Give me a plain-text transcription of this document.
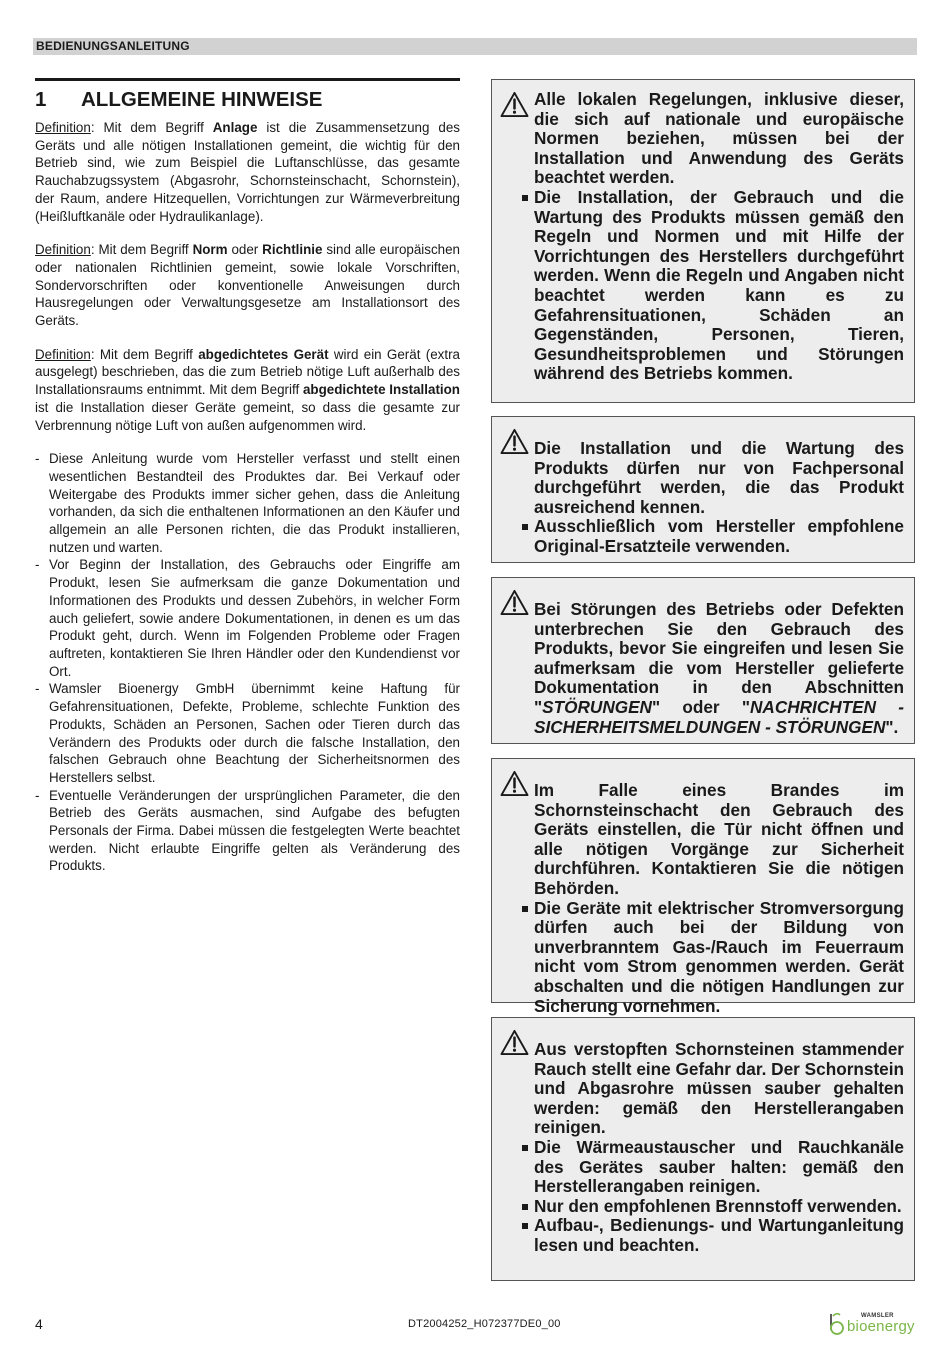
BEDIENUNGSANLEITUNG
1	ALLGEMEINE HINWEISE

Definition: Mit dem Begriff Anlage ist die Zusammensetzung des Geräts und alle nötigen Installationen gemeint, die wichtig für den Betrieb sind, wie zum Beispiel die Luftanschlüsse, das gesamte Rauchabzugssystem (Abgasrohr, Schornsteinschacht, Schornstein), der Raum, andere Hitzequellen, Vorrichtungen zur Wärmeverbreitung (Heißluftkanäle oder Hydraulikanlage).

Definition: Mit dem Begriff Norm oder Richtlinie sind alle europäischen oder nationalen Richtlinien gemeint, sowie lokale Vorschriften, Sondervorschriften oder konventionelle Anweisungen durch Hausregelungen oder Verwaltungsgesetze am Installationsort des Geräts.

Definition: Mit dem Begriff abgedichtetes Gerät wird ein Gerät (extra ausgelegt) beschrieben, das die zum Betrieb nötige Luft außerhalb des Installationsraums entnimmt. Mit dem Begriff abgedichtete Installation ist die Installation dieser Geräte gemeint, so dass die gesamte zur Verbrennung nötige Luft von außen aufgenommen wird.

- Diese Anleitung wurde vom Hersteller verfasst und stellt einen wesentlichen Bestandteil des Produktes dar. Bei Verkauf oder Weitergabe des Produkts immer sicher gehen, dass die Anleitung vorhanden, da sich die enthaltenen Informationen an den Käufer und allgemein an alle Personen richten, die das Produkt installieren, nutzen und warten.
- Vor Beginn der Installation, des Gebrauchs oder Eingriffe am Produkt, lesen Sie aufmerksam die ganze Dokumentation und Informationen des Produkts und dessen Zubehörs, in welcher Form auch geliefert, sowie andere Dokumentationen, in denen es um das Produkt geht, durch. Wenn im Folgenden Probleme oder Fragen auftreten, kontaktieren Sie Ihren Händler oder den Kundendienst vor Ort.
- Wamsler Bioenergy GmbH übernimmt keine Haftung für Gefahrensituationen, Defekte, Probleme, schlechte Funktion des Produkts, Schäden an Personen, Sachen oder Tieren durch das Verändern des Produkts oder durch die falsche Installation, den falschen Gebrauch ohne Beachtung der Sicherheitsnormen des Herstellers selbst.
- Eventuelle Veränderungen der ursprünglichen Parameter, die den Betrieb des Geräts ausmachen, sind Aufgabe des befugten Personals der Firma. Dabei müssen die festgelegten Werte beachtet werden. Nicht erlaubte Eingriffe gelten als Veränderung des Produkts.

Alle lokalen Regelungen, inklusive dieser, die sich auf nationale und europäische Normen beziehen, müssen bei der Installation und Anwendung des Geräts beachtet werden.

Die Installation, der Gebrauch und die Wartung des Produkts müssen gemäß den Regeln und Normen und mit Hilfe der Vorrichtungen des Herstellers durchgeführt werden. Wenn die Regeln und Angaben nicht beachtet werden kann es zu Gefahrensituationen, Schäden an Gegenständen, Personen, Tieren, Gesundheitsproblemen und Störungen während des Betriebs kommen.

Die Installation und die Wartung des Produkts dürfen nur von Fachpersonal durchgeführt werden, die das Produkt ausreichend kennen.

Ausschließlich vom Hersteller empfohlene Original-Ersatzteile verwenden.

Bei Störungen des Betriebs oder Defekten unterbrechen Sie den Gebrauch des Produkts, bevor Sie eingreifen und lesen Sie aufmerksam die vom Hersteller gelieferte Dokumentation in den Abschnitten "STÖRUNGEN" oder "NACHRICHTEN - SICHERHEITSMELDUNGEN - STÖRUNGEN".

Im Falle eines Brandes im Schornsteinschacht den Gebrauch des Geräts einstellen, die Tür nicht öffnen und alle nötigen Vorgänge zur Sicherheit durchführen. Kontaktieren Sie die nötigen Behörden.

Die Geräte mit elektrischer Stromversorgung dürfen auch bei der Bildung von unverbranntem Gas-/Rauch im Feuerraum nicht vom Strom genommen werden. Gerät abschalten und die nötigen Handlungen zur Sicherung vornehmen.

Aus verstopften Schornsteinen stammender Rauch stellt eine Gefahr dar. Der Schornstein und Abgasrohre müssen sauber gehalten werden: gemäß den Herstellerangaben reinigen.

Die Wärmeaustauscher und Rauchkanäle des Gerätes sauber halten: gemäß den Herstellerangaben reinigen.
Nur den empfohlenen Brennstoff verwenden.
Aufbau-, Bedienungs- und Wartunganleitung lesen und beachten.
4	DT2004252_H072377DE0_00
WAMSLER
bioenergy
